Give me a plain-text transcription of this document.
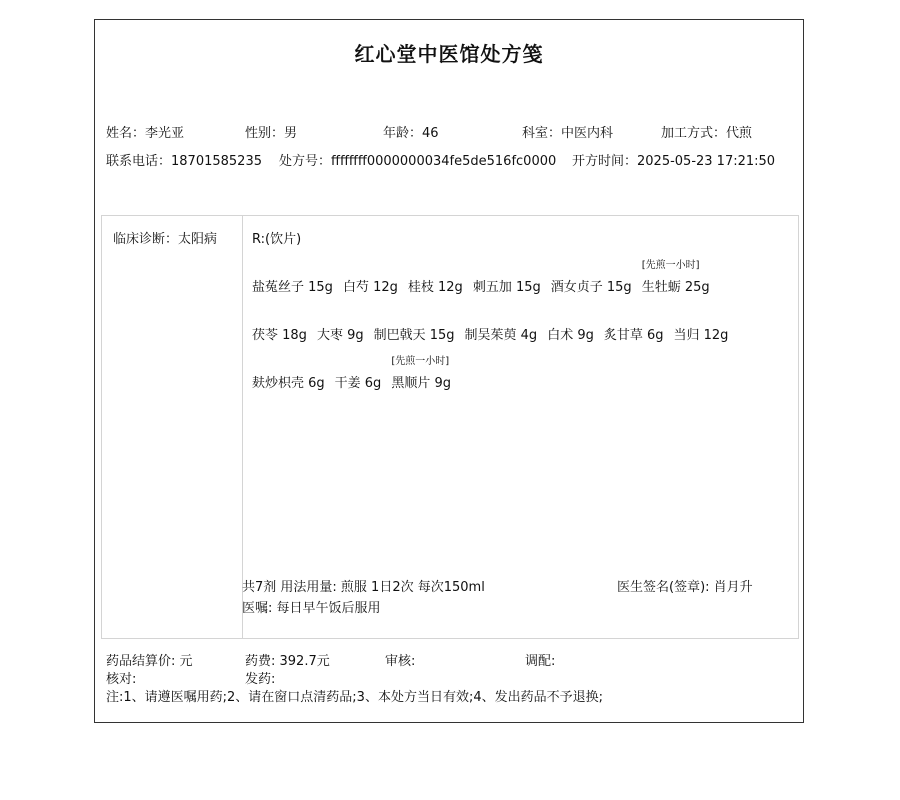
红心堂中医馆处方笺
姓名：李光亚	性别：男	年龄：46	科室：中医内科	加工方式：代煎
联系电话：18701585235 处方号：ffffffff0000000034fe5de516fc0000 开方时间：2025-05-23 17:21:50
临床诊断：太阳病	R:(饮片)
盐菟丝子 15g 白芍 12g 桂枝 12g 刺五加 15g 酒女贞子 15g
[先煎一小时]
生牡蛎 25g
茯苓 18g 大枣 9g 制巴戟天 15g 制吴茱萸 4g 白术 9g 炙甘草 6g 当归 12g
麸炒枳壳 6g 干姜 6g
[先煎一小时]
黑顺片 9g
共7剂 用法用量: 煎服 1日2次 每次150ml
医嘱: 每日早午饭后服用
医生签名(签章): 肖月升
药品结算价: 元	药费: 392.7元	审核:	调配:
核对:	发药:
注:1、请遵医嘱用药;2、请在窗口点清药品;3、本处方当日有效;4、发出药品不予退换;
